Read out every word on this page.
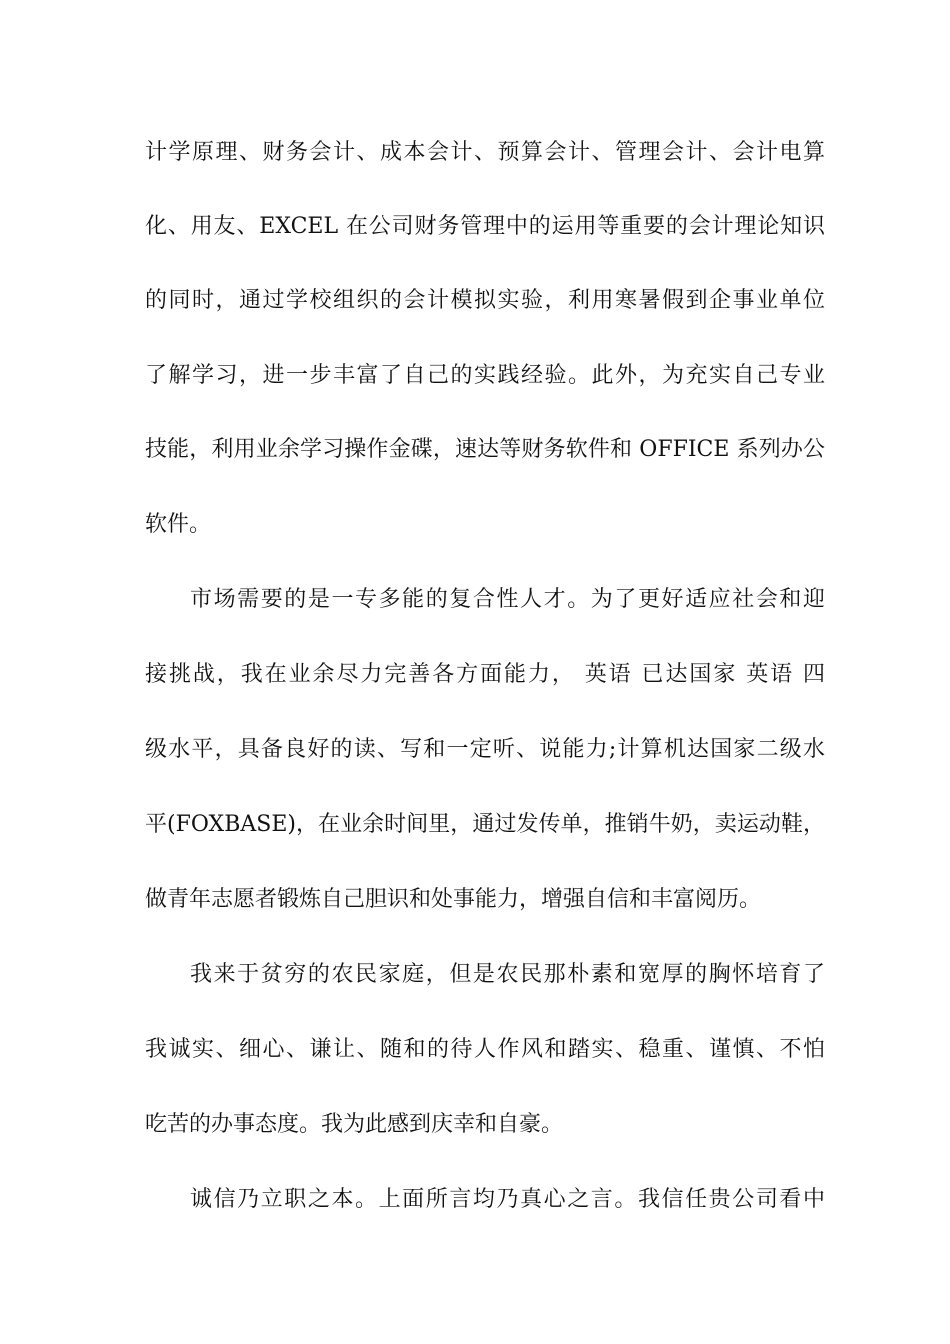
计学原理、财务会计、成本会计、预算会计、管理会计、会计电算
化、用友、EXCEL 在公司财务管理中的运用等重要的会计理论知识
的同时，通过学校组织的会计模拟实验，利用寒暑假到企事业单位
了解学习，进一步丰富了自己的实践经验。此外，为充实自己专业
技能，利用业余学习操作金碟，速达等财务软件和 OFFICE 系列办公
软件。
市场需要的是一专多能的复合性人才。为了更好适应社会和迎
接挑战，我在业余尽力完善各方面能力， 英语 已达国家 英语 四
级水平，具备良好的读、写和一定听、说能力;计算机达国家二级水
平(FOXBASE)，在业余时间里，通过发传单，推销牛奶，卖运动鞋，
做青年志愿者锻炼自己胆识和处事能力，增强自信和丰富阅历。
我来于贫穷的农民家庭，但是农民那朴素和宽厚的胸怀培育了
我诚实、细心、谦让、随和的待人作风和踏实、稳重、谨慎、不怕
吃苦的办事态度。我为此感到庆幸和自豪。
诚信乃立职之本。上面所言均乃真心之言。我信任贵公司看中
